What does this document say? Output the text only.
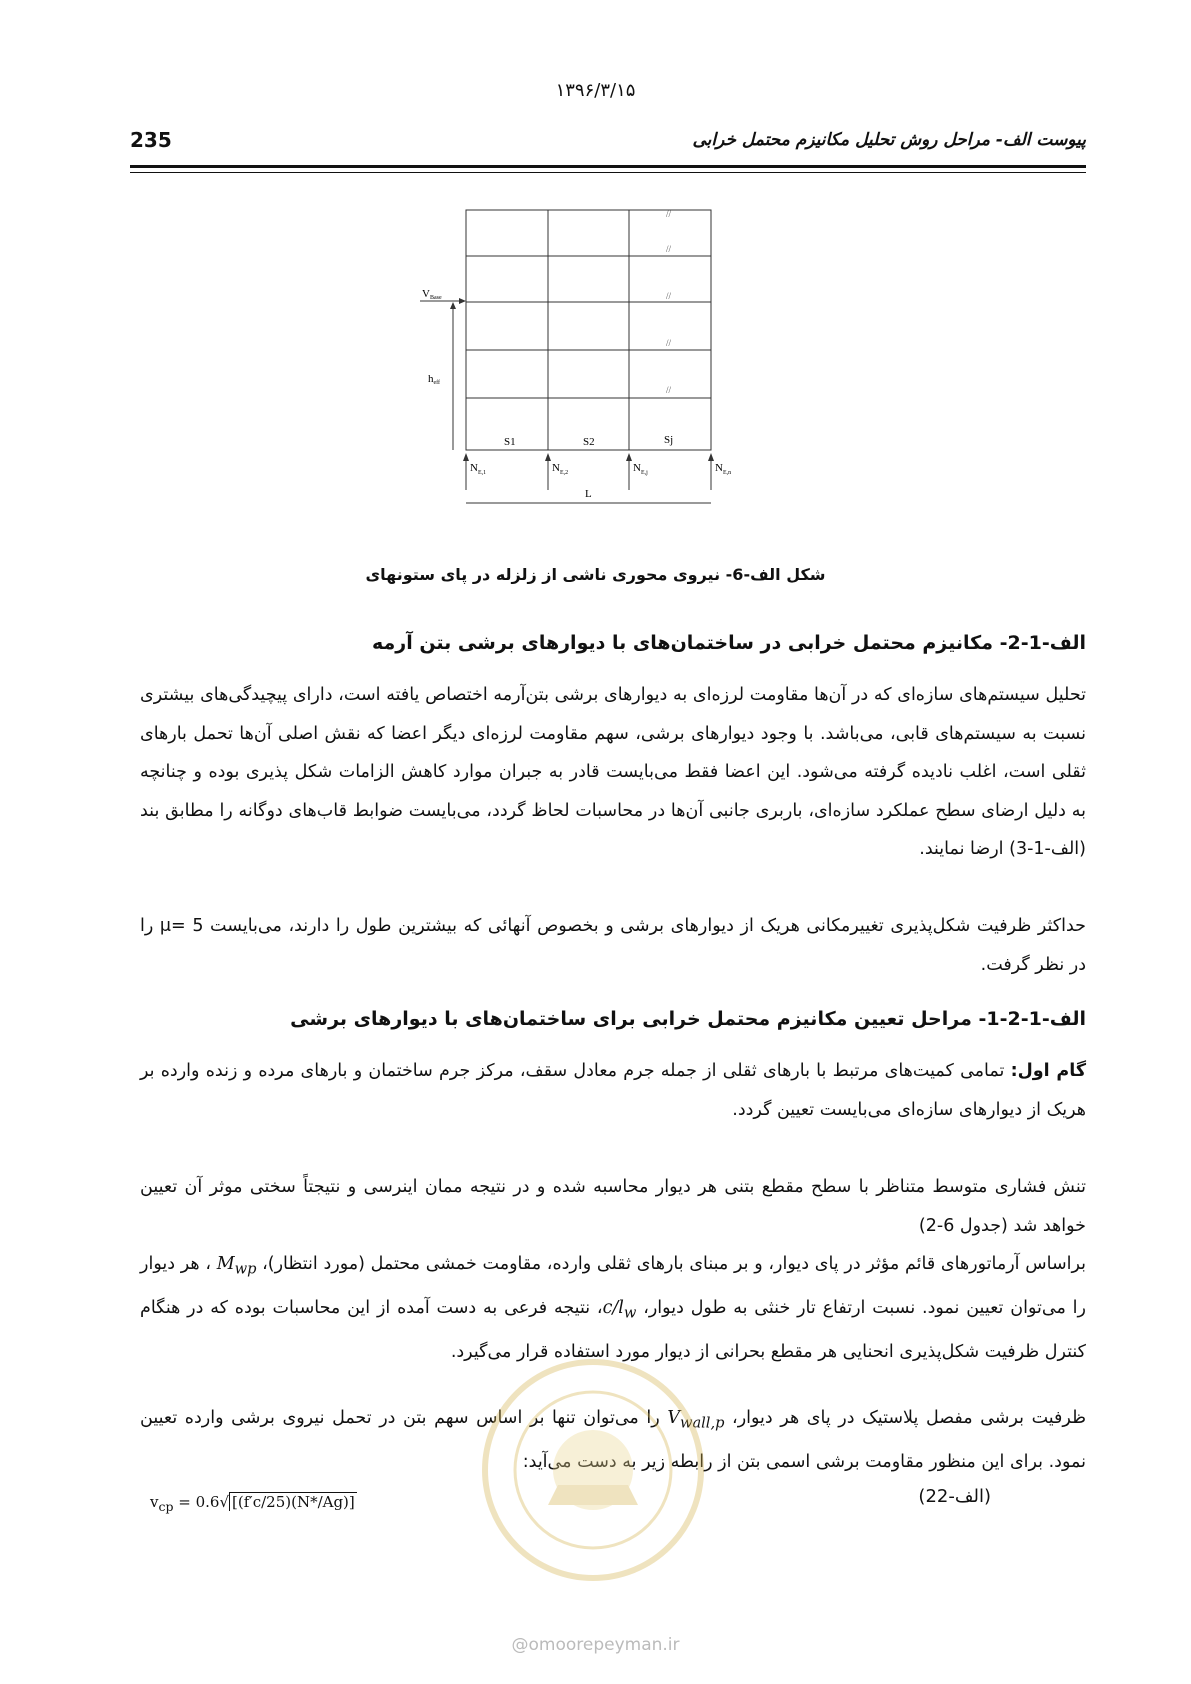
۱۳۹۶/۳/۱۵
235	پیوست الف- مراحل روش تحلیل مکانیزم محتمل خرابی
//
//
//
//
//
VBase
heff
S1	S2	Sj
$N_{E,1}$	$N_{E,2}$	$N_{E,j}$	$N_{E,n}$
L
شکل الف-6- نیروی محوری ناشی از زلزله در پای ستونهای
الف-1-2- مکانیزم محتمل خرابی در ساختمان‌های با دیوارهای برشی بتن آرمه
تحلیل سیستم‌های سازه‌ای که در آن‌ها مقاومت لرزه‌ای به دیوارهای برشی بتن‌آرمه اختصاص یافته است، دارای پیچیدگی‌های بیشتری نسبت به سیستم‌های قابی، می‌باشد. با وجود دیوارهای برشی، سهم مقاومت لرزه‌ای دیگر اعضا که نقش اصلی آن‌ها تحمل بارهای ثقلی است، اغلب نادیده گرفته می‌شود. این اعضا فقط می‌بایست قادر به جبران موارد کاهش الزامات شکل پذیری بوده و چنانچه به دلیل ارضای سطح عملکرد سازه‌ای، باربری جانبی آن‌ها در محاسبات لحاظ گردد، می‌بایست ضوابط قاب‌های دوگانه را مطابق بند (الف-1-3) ارضا نمایند.
حداکثر ظرفیت شکل‌پذیری تغییرمکانی هریک از دیوارهای برشی و بخصوص آنهائی که بیشترین طول را دارند، می‌بایست μ= 5 را در نظر گرفت.
الف-1-2-1- مراحل تعیین مکانیزم محتمل خرابی برای ساختمان‌های با دیوارهای برشی
گام اول: تمامی کمیت‌های مرتبط با بارهای ثقلی از جمله جرم معادل سقف، مرکز جرم ساختمان و بارهای مرده و زنده وارده بر هریک از دیوارهای سازه‌ای می‌بایست تعیین گردد.
تنش فشاری متوسط متناظر با سطح مقطع بتنی هر دیوار محاسبه شده و در نتیجه ممان اینرسی و نتیجتاً سختی موثر آن تعیین خواهد شد (جدول 6-2)
براساس آرماتورهای قائم مؤثر در پای دیوار، و بر مبنای بارهای ثقلی وارده، مقاومت خمشی محتمل (مورد انتظار)، $M_{wp}$ ، هر دیوار را می‌توان تعیین نمود. نسبت ارتفاع تار خنثی به طول دیوار، $c/l_w،$ نتیجه فرعی به دست آمده از این محاسبات بوده که در هنگام کنترل ظرفیت شکل‌پذیری انحنایی هر مقطع بحرانی از دیوار مورد استفاده قرار می‌گیرد.
ظرفیت برشی مفصل پلاستیک در پای هر دیوار، $V_{wall,p}$ را می‌توان تنها بر اساس سهم بتن در تحمل نیروی برشی وارده تعیین نمود. برای این منظور مقاومت برشی اسمی بتن از رابطه زیر به دست می‌آید:
$v_{cp} = 0.6√$ [(f′c/25)(N*/Ag)]	(الف-22)
@omoorepeyman.ir
